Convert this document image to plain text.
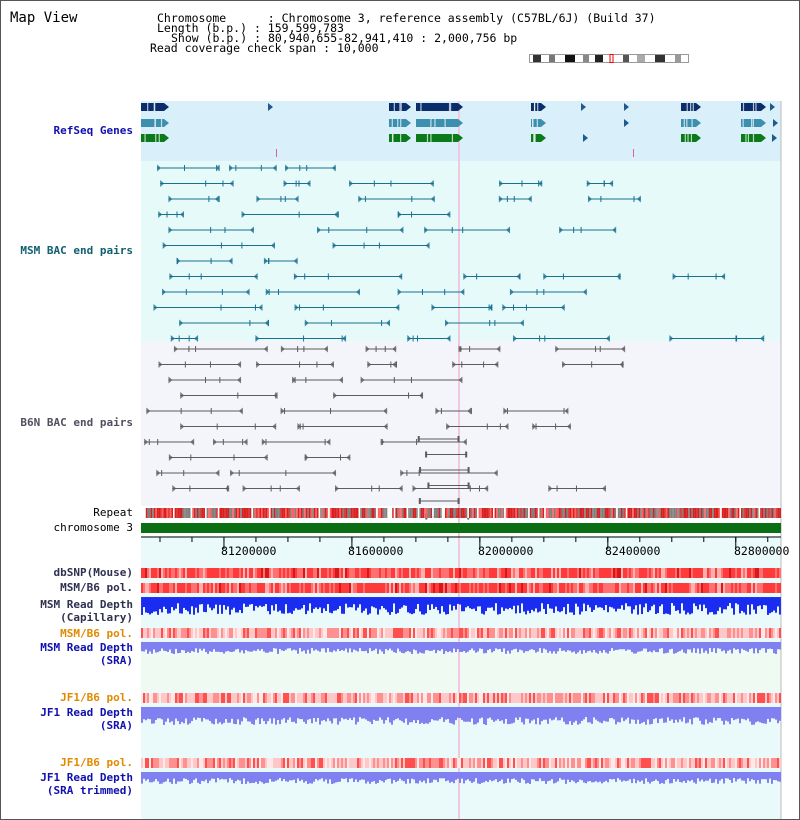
Map View	Chromosome      : Chromosome 3, reference assembly (C57BL/6J) (Build 37)
Length (b.p.) : 159,599,783
Show (b.p.) : 80,940,655-82,941,410 : 2,000,756 bp
Read coverage check span : 10,000
RefSeq Genes
MSM BAC end pairs
B6N BAC end pairs
Repeat
chromosome 3
dbSNP(Mouse)
MSM/B6 pol.
MSM Read Depth
(Capillary)
MSM/B6 pol.
MSM Read Depth
(SRA)
JF1/B6 pol.
JF1 Read Depth
(SRA)
JF1/B6 pol.
JF1 Read Depth
(SRA trimmed)
81200000	81600000	82000000	82400000	82800000
